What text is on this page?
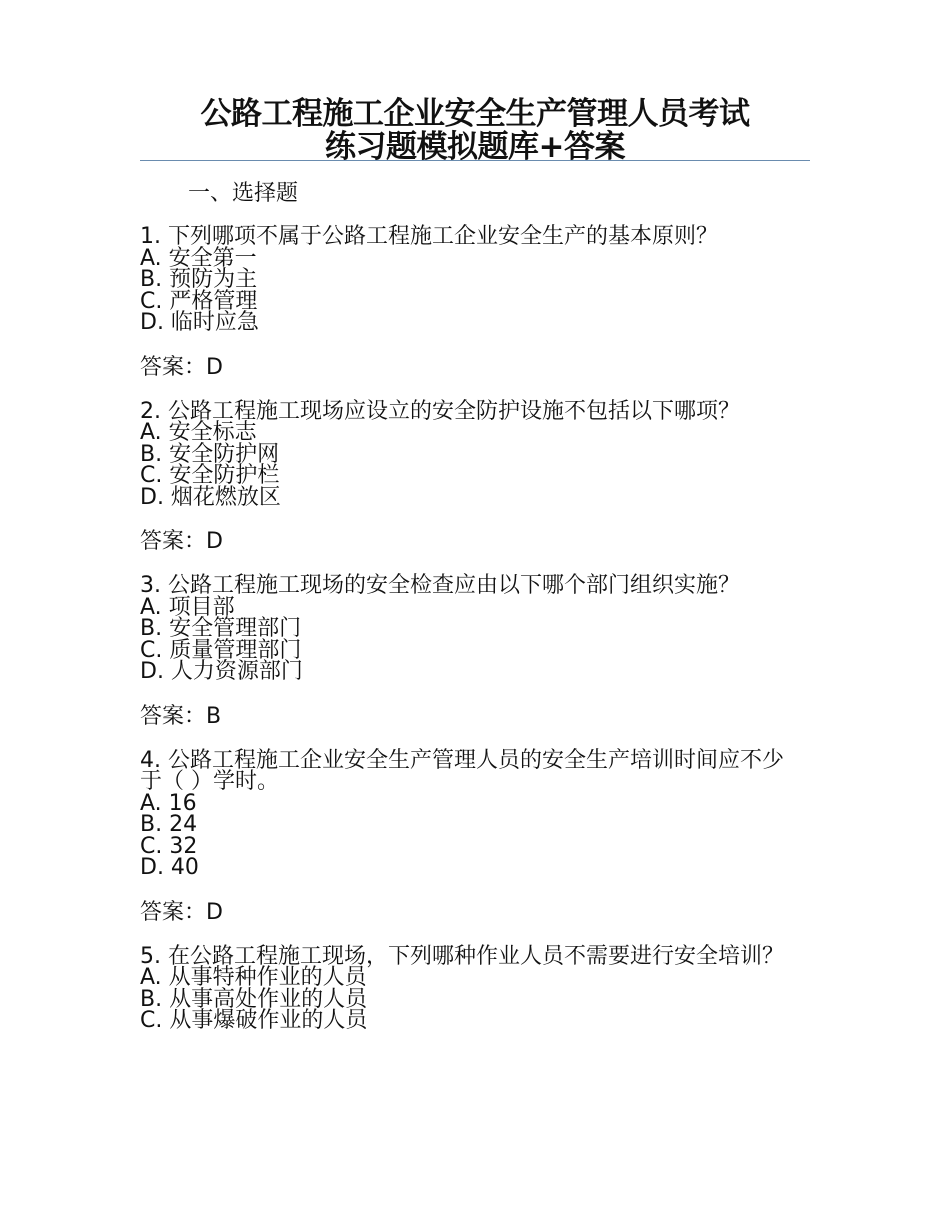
公路工程施工企业安全生产管理人员考试
练习题模拟题库+答案
一、选择题

1. 下列哪项不属于公路工程施工企业安全生产的基本原则？

A. 安全第一
B. 预防为主
C. 严格管理
D. 临时应急

答案：D

2. 公路工程施工现场应设立的安全防护设施不包括以下哪项？

A. 安全标志
B. 安全防护网
C. 安全防护栏
D. 烟花燃放区

答案：D

3. 公路工程施工现场的安全检查应由以下哪个部门组织实施？

A. 项目部
B. 安全管理部门
C. 质量管理部门
D. 人力资源部门

答案：B

4. 公路工程施工企业安全生产管理人员的安全生产培训时间应不少于（ ）学时。

A. 16
B. 24
C. 32
D. 40

答案：D

5. 在公路工程施工现场，下列哪种作业人员不需要进行安全培训？

A. 从事特种作业的人员
B. 从事高处作业的人员
C. 从事爆破作业的人员
